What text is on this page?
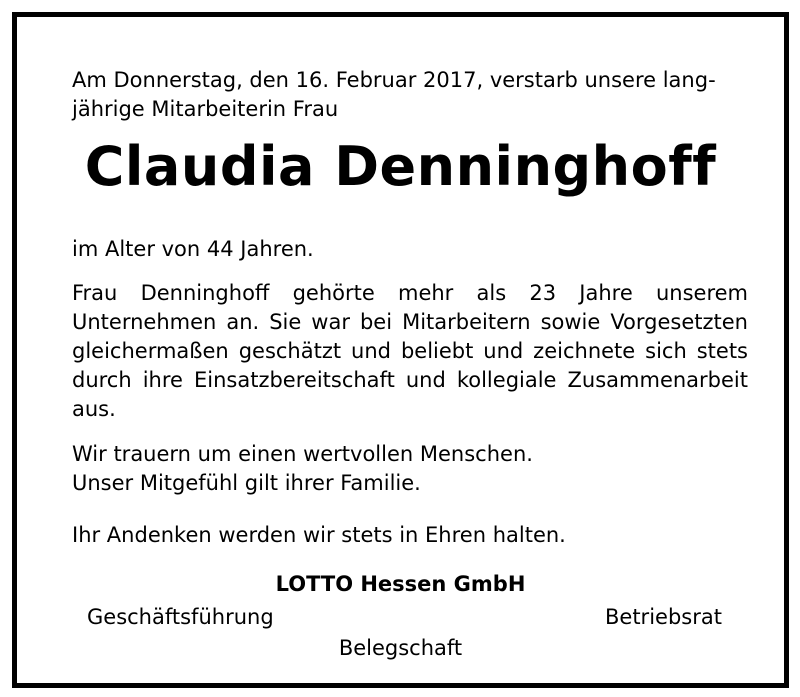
Am Donnerstag, den 16. Februar 2017, verstarb unsere lang-
jährige Mitarbeiterin Frau
Claudia Denninghoff
im Alter von 44 Jahren.
Frau Denninghoff gehörte mehr als 23 Jahre unserem
Unternehmen an. Sie war bei Mitarbeitern sowie Vorgesetzten
gleichermaßen geschätzt und beliebt und zeichnete sich stets
durch ihre Einsatzbereitschaft und kollegiale Zusammenarbeit
aus.
Wir trauern um einen wertvollen Menschen.
Unser Mitgefühl gilt ihrer Familie.
Ihr Andenken werden wir stets in Ehren halten.
LOTTO Hessen GmbH
Geschäftsführung	Betriebsrat
Belegschaft
